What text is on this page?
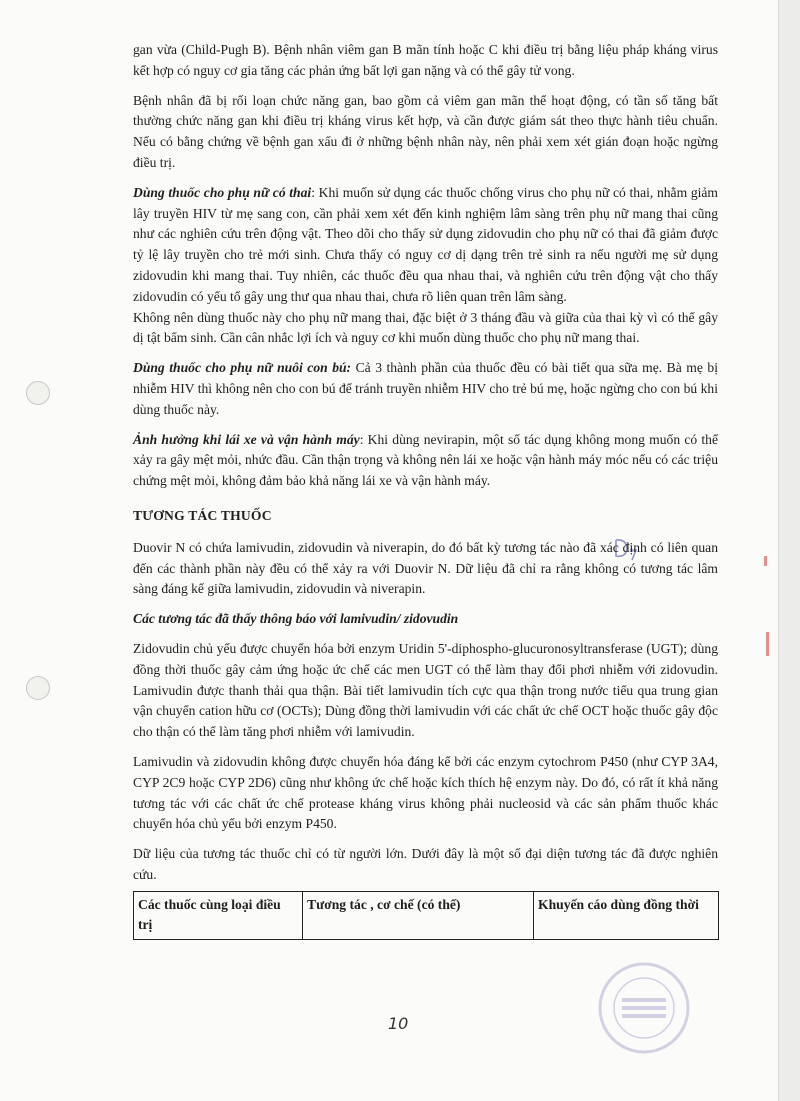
gan vừa (Child-Pugh B). Bệnh nhân viêm gan B mãn tính hoặc C khi điều trị bằng liệu pháp kháng virus kết hợp có nguy cơ gia tăng các phản ứng bất lợi gan nặng và có thể gây tử vong.

Bệnh nhân đã bị rối loạn chức năng gan, bao gồm cả viêm gan mãn thể hoạt động, có tần số tăng bất thường chức năng gan khi điều trị kháng virus kết hợp, và cần được giám sát theo thực hành tiêu chuẩn. Nếu có bằng chứng về bệnh gan xấu đi ở những bệnh nhân này, nên phải xem xét gián đoạn hoặc ngừng điều trị.

Dùng thuốc cho phụ nữ có thai: Khi muốn sử dụng các thuốc chống virus cho phụ nữ có thai, nhằm giảm lây truyền HIV từ mẹ sang con, cần phải xem xét đến kinh nghiệm lâm sàng trên phụ nữ mang thai cũng như các nghiên cứu trên động vật. Theo dõi cho thấy sử dụng zidovudin cho phụ nữ có thai đã giảm được tỷ lệ lây truyền cho trẻ mới sinh. Chưa thấy có nguy cơ dị dạng trên trẻ sinh ra nếu người mẹ sử dụng zidovudin khi mang thai. Tuy nhiên, các thuốc đều qua nhau thai, và nghiên cứu trên động vật cho thấy zidovudin có yếu tố gây ung thư qua nhau thai, chưa rõ liên quan trên lâm sàng.

Không nên dùng thuốc này cho phụ nữ mang thai, đặc biệt ở 3 tháng đầu và giữa của thai kỳ vì có thể gây dị tật bẩm sinh. Cần cân nhắc lợi ích và nguy cơ khi muốn dùng thuốc cho phụ nữ mang thai.

Dùng thuốc cho phụ nữ nuôi con bú: Cả 3 thành phần của thuốc đều có bài tiết qua sữa mẹ. Bà mẹ bị nhiễm HIV thì không nên cho con bú để tránh truyền nhiễm HIV cho trẻ bú mẹ, hoặc ngừng cho con bú khi dùng thuốc này.

Ảnh hưởng khi lái xe và vận hành máy: Khi dùng nevirapin, một số tác dụng không mong muốn có thể xảy ra gây mệt mỏi, nhức đầu. Cần thận trọng và không nên lái xe hoặc vận hành máy móc nếu có các triệu chứng mệt mỏi, không đảm bảo khả năng lái xe và vận hành máy.

TƯƠNG TÁC THUỐC

Duovir N có chứa lamivudin, zidovudin và niverapin, do đó bất kỳ tương tác nào đã xác định có liên quan đến các thành phần này đều có thể xảy ra với Duovir N. Dữ liệu đã chỉ ra rằng không có tương tác lâm sàng đáng kể giữa lamivudin, zidovudin và niverapin.

Các tương tác đã thấy thông báo với lamivudin/ zidovudin

Zidovudin chủ yếu được chuyển hóa bởi enzym Uridin 5'-diphospho-glucuronosyltransferase (UGT); dùng đồng thời thuốc gây cảm ứng hoặc ức chế các men UGT có thể làm thay đổi phơi nhiễm với zidovudin. Lamivudin được thanh thải qua thận. Bài tiết lamivudin tích cực qua thận trong nước tiểu qua trung gian vận chuyển cation hữu cơ (OCTs); Dùng đồng thời lamivudin với các chất ức chế OCT hoặc thuốc gây độc cho thận có thể làm tăng phơi nhiễm với lamivudin.

Lamivudin và zidovudin không được chuyển hóa đáng kể bởi các enzym cytochrom P450 (như CYP 3A4, CYP 2C9 hoặc CYP 2D6) cũng như không ức chế hoặc kích thích hệ enzym này. Do đó, có rất ít khả năng tương tác với các chất ức chế protease kháng virus không phải nucleosid và các sản phẩm thuốc khác chuyển hóa chủ yếu bởi enzym P450.

Dữ liệu của tương tác thuốc chỉ có từ người lớn. Dưới đây là một số đại diện tương tác đã được nghiên cứu.

Các thuốc cùng loại điều trị	Tương tác , cơ chế (có thể)	Khuyến cáo dùng đồng thời
10
